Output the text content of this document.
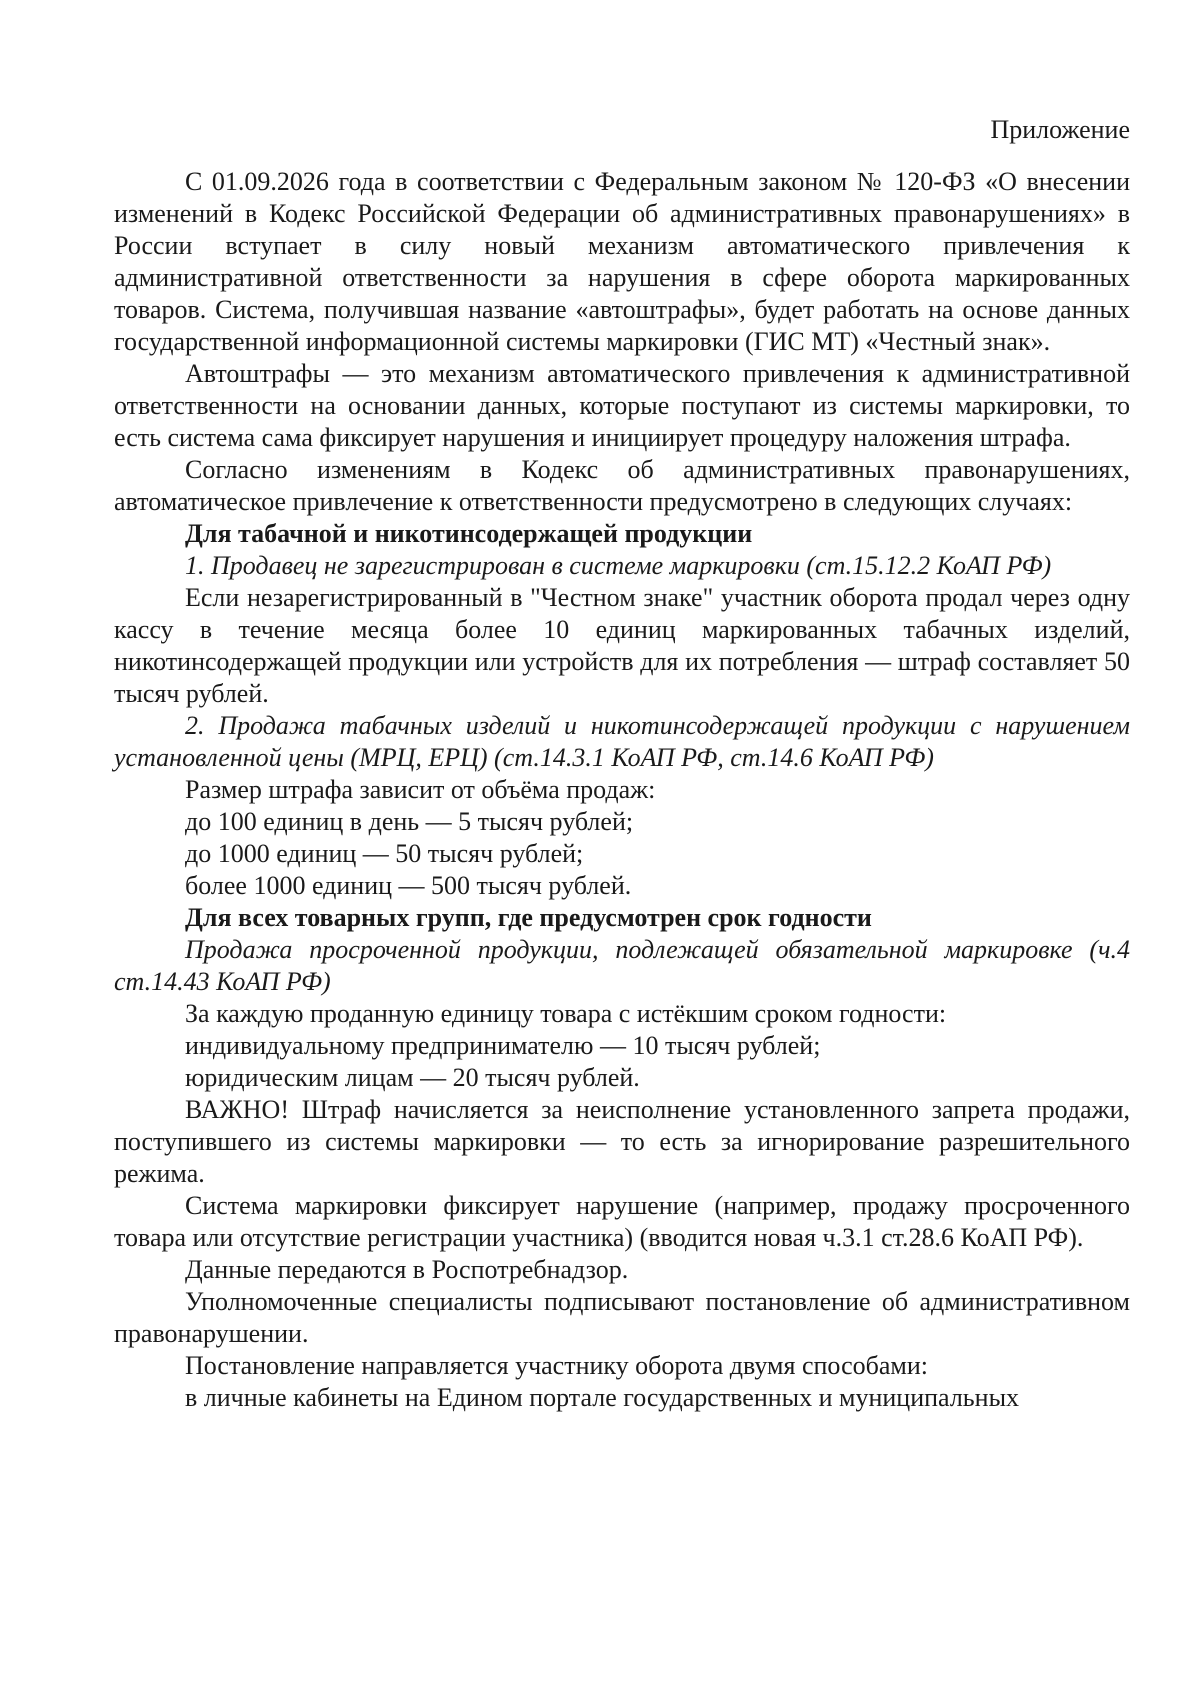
Приложение

С 01.09.2026 года в соответствии с Федеральным законом № 120-ФЗ «О внесении изменений в Кодекс Российской Федерации об административных правонарушениях» в России вступает в силу новый механизм автоматического привлечения к административной ответственности за нарушения в сфере оборота маркированных товаров. Система, получившая название «автоштрафы», будет работать на основе данных государственной информационной системы маркировки (ГИС МТ) «Честный знак».

Автоштрафы — это механизм автоматического привлечения к административной ответственности на основании данных, которые поступают из системы маркировки, то есть система сама фиксирует нарушения и инициирует процедуру наложения штрафа.

Согласно изменениям в Кодекс об административных правонарушениях, автоматическое привлечение к ответственности предусмотрено в следующих случаях:

Для табачной и никотинсодержащей продукции

1. Продавец не зарегистрирован в системе маркировки (ст.15.12.2 КоАП РФ)

Если незарегистрированный в "Честном знаке" участник оборота продал через одну кассу в течение месяца более 10 единиц маркированных табачных изделий, никотинсодержащей продукции или устройств для их потребления — штраф составляет 50 тысяч рублей.

2. Продажа табачных изделий и никотинсодержащей продукции с нарушением установленной цены (МРЦ, ЕРЦ) (ст.14.3.1 КоАП РФ, ст.14.6 КоАП РФ)

Размер штрафа зависит от объёма продаж:

до 100 единиц в день — 5 тысяч рублей;

до 1000 единиц — 50 тысяч рублей;

более 1000 единиц — 500 тысяч рублей.

Для всех товарных групп, где предусмотрен срок годности

Продажа просроченной продукции, подлежащей обязательной маркировке (ч.4 ст.14.43 КоАП РФ)

За каждую проданную единицу товара с истёкшим сроком годности:

индивидуальному предпринимателю — 10 тысяч рублей;

юридическим лицам — 20 тысяч рублей.

ВАЖНО! Штраф начисляется за неисполнение установленного запрета продажи, поступившего из системы маркировки — то есть за игнорирование разрешительного режима.

Система маркировки фиксирует нарушение (например, продажу просроченного товара или отсутствие регистрации участника) (вводится новая ч.3.1 ст.28.6 КоАП РФ).

Данные передаются в Роспотребнадзор.

Уполномоченные специалисты подписывают постановление об административном правонарушении.

Постановление направляется участнику оборота двумя способами:

в личные кабинеты на Едином портале государственных и муниципальных
